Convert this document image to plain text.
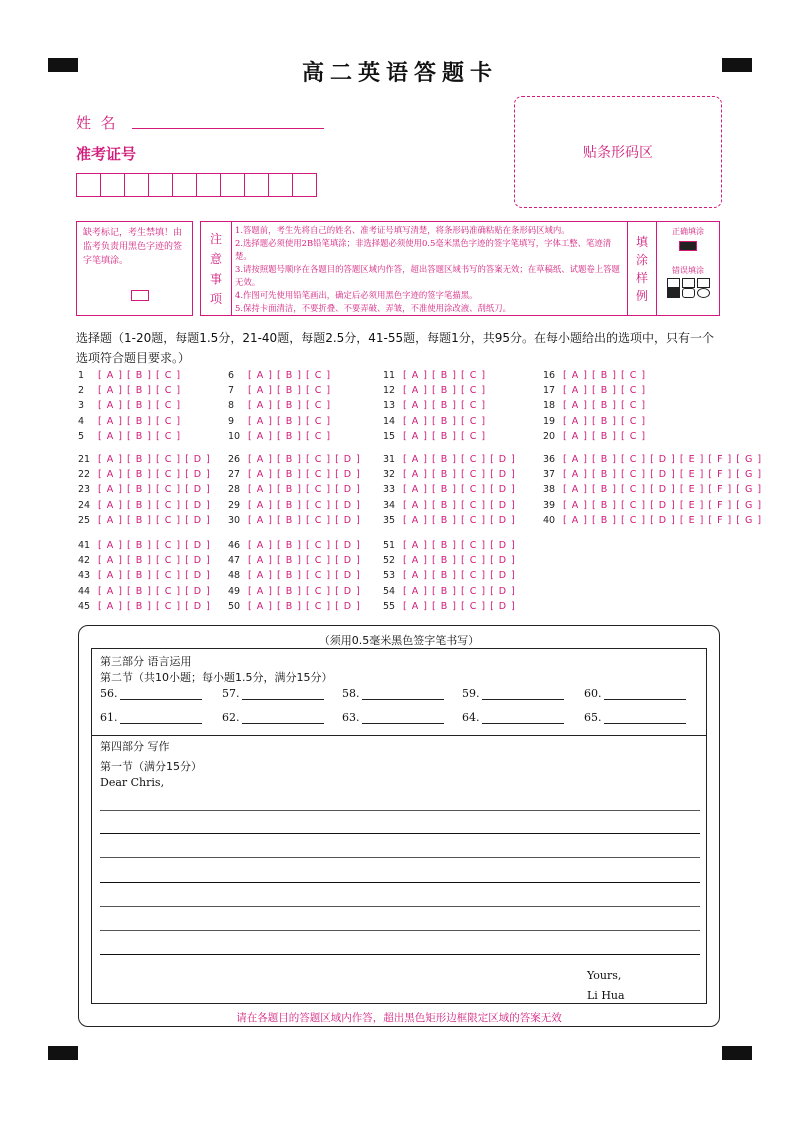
高二英语答题卡
姓  名
准考证号	贴条形码区
缺考标记，考生禁填！由监考负责用黑色字迹的签字笔填涂。
注
意
事
项
1.答题前，考生先将自己的姓名、准考证号填写清楚，将条形码准确粘贴在条形码区域内。
2.选择题必须使用2B铅笔填涂；非选择题必须使用0.5毫米黑色字迹的签字笔填写，字体工整、笔迹清楚。
3.请按照题号顺序在各题目的答题区域内作答，超出答题区域书写的答案无效；在草稿纸、试题卷上答题无效。
4.作图可先使用铅笔画出，确定后必须用黑色字迹的签字笔描黑。
5.保持卡面清洁，不要折叠、不要弄破、弄皱，不准使用涂改液、刮纸刀。
填
涂
样
例
正确填涂
错误填涂

选择题（1-20题，每题1.5分，21-40题，每题2.5分，41-55题，每题1分，共95分。在每小题给出的选项中，只有一个选项符合题目要求。）
1 [ A ] [ B ] [ C ]
2 [ A ] [ B ] [ C ]
3 [ A ] [ B ] [ C ]
4 [ A ] [ B ] [ C ]
5 [ A ] [ B ] [ C ]
6 [ A ] [ B ] [ C ]
7 [ A ] [ B ] [ C ]
8 [ A ] [ B ] [ C ]
9 [ A ] [ B ] [ C ]
10 [ A ] [ B ] [ C ]
11 [ A ] [ B ] [ C ]
12 [ A ] [ B ] [ C ]
13 [ A ] [ B ] [ C ]
14 [ A ] [ B ] [ C ]
15 [ A ] [ B ] [ C ]
16 [ A ] [ B ] [ C ]
17 [ A ] [ B ] [ C ]
18 [ A ] [ B ] [ C ]
19 [ A ] [ B ] [ C ]
20 [ A ] [ B ] [ C ]
21 [ A ] [ B ] [ C ] [ D ]
22 [ A ] [ B ] [ C ] [ D ]
23 [ A ] [ B ] [ C ] [ D ]
24 [ A ] [ B ] [ C ] [ D ]
25 [ A ] [ B ] [ C ] [ D ]
26 [ A ] [ B ] [ C ] [ D ]
27 [ A ] [ B ] [ C ] [ D ]
28 [ A ] [ B ] [ C ] [ D ]
29 [ A ] [ B ] [ C ] [ D ]
30 [ A ] [ B ] [ C ] [ D ]
31 [ A ] [ B ] [ C ] [ D ]
32 [ A ] [ B ] [ C ] [ D ]
33 [ A ] [ B ] [ C ] [ D ]
34 [ A ] [ B ] [ C ] [ D ]
35 [ A ] [ B ] [ C ] [ D ]
36 [ A ] [ B ] [ C ] [ D ] [ E ] [ F ] [ G ]
37 [ A ] [ B ] [ C ] [ D ] [ E ] [ F ] [ G ]
38 [ A ] [ B ] [ C ] [ D ] [ E ] [ F ] [ G ]
39 [ A ] [ B ] [ C ] [ D ] [ E ] [ F ] [ G ]
40 [ A ] [ B ] [ C ] [ D ] [ E ] [ F ] [ G ]
41 [ A ] [ B ] [ C ] [ D ]
42 [ A ] [ B ] [ C ] [ D ]
43 [ A ] [ B ] [ C ] [ D ]
44 [ A ] [ B ] [ C ] [ D ]
45 [ A ] [ B ] [ C ] [ D ]
46 [ A ] [ B ] [ C ] [ D ]
47 [ A ] [ B ] [ C ] [ D ]
48 [ A ] [ B ] [ C ] [ D ]
49 [ A ] [ B ] [ C ] [ D ]
50 [ A ] [ B ] [ C ] [ D ]
51 [ A ] [ B ] [ C ] [ D ]
52 [ A ] [ B ] [ C ] [ D ]
53 [ A ] [ B ] [ C ] [ D ]
54 [ A ] [ B ] [ C ] [ D ]
55 [ A ] [ B ] [ C ] [ D ]
（须用0.5毫米黑色签字笔书写）
第三部分 语言运用
第二节（共10小题；每小题1.5分，满分15分）
56.	57.	58.	59.	60.
61.	62.	63.	64.	65.
第四部分 写作
第一节（满分15分）
Dear Chris,
Yours,
Li Hua
请在各题目的答题区域内作答，超出黑色矩形边框限定区域的答案无效
